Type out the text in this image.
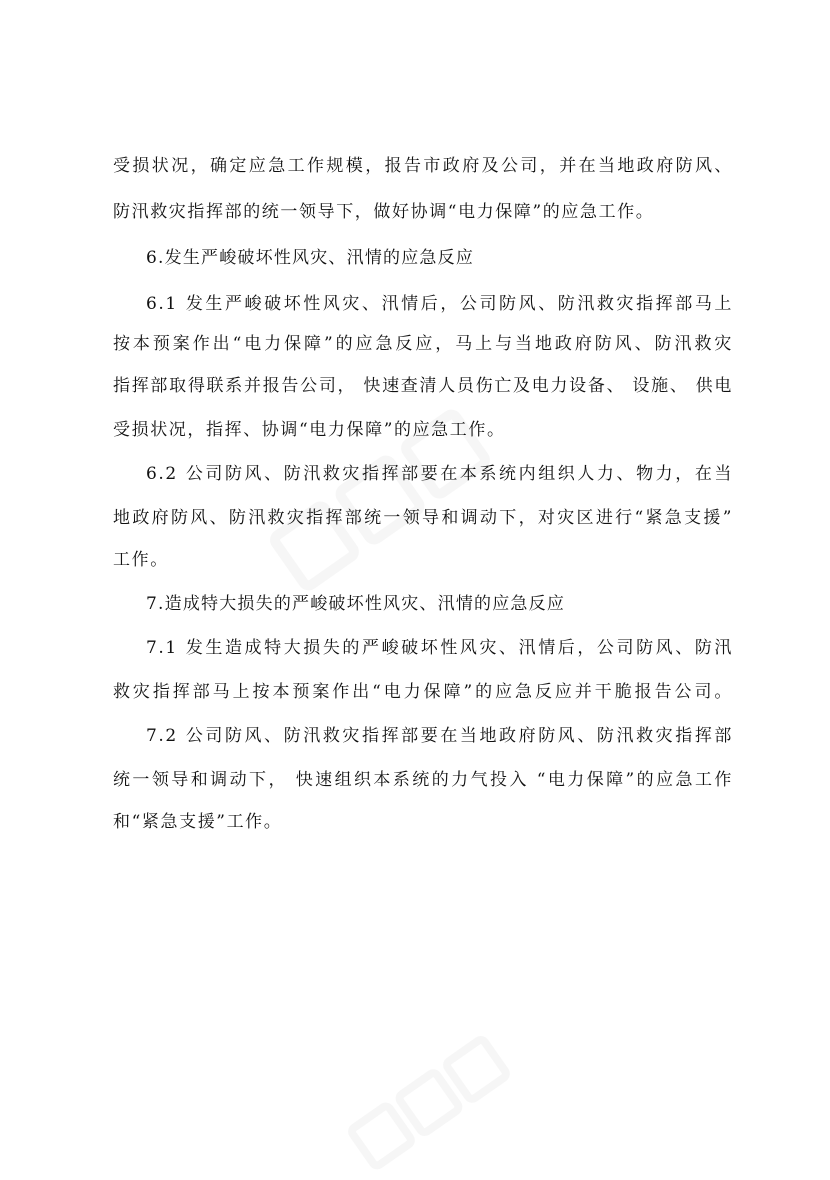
受损状况，确定应急工作规模，报告市政府及公司，并在当地政府防风、
防汛救灾指挥部的统一领导下，做好协调“电力保障”的应急工作。
6.发生严峻破坏性风灾、汛情的应急反应
6.1 发生严峻破坏性风灾、汛情后，公司防风、防汛救灾指挥部马上
按本预案作出“电力保障”的应急反应，马上与当地政府防风、防汛救灾
指挥部取得联系并报告公司， 快速查清人员伤亡及电力设备、 设施、 供电
受损状况，指挥、协调“电力保障”的应急工作。
6.2 公司防风、防汛救灾指挥部要在本系统内组织人力、物力，在当
地政府防风、防汛救灾指挥部统一领导和调动下，对灾区进行“紧急支援”
工作。
7.造成特大损失的严峻破坏性风灾、汛情的应急反应
7.1 发生造成特大损失的严峻破坏性风灾、汛情后，公司防风、防汛
救灾指挥部马上按本预案作出“电力保障”的应急反应并干脆报告公司。
7.2 公司防风、防汛救灾指挥部要在当地政府防风、防汛救灾指挥部
统一领导和调动下， 快速组织本系统的力气投入 “电力保障”的应急工作
和“紧急支援”工作。
